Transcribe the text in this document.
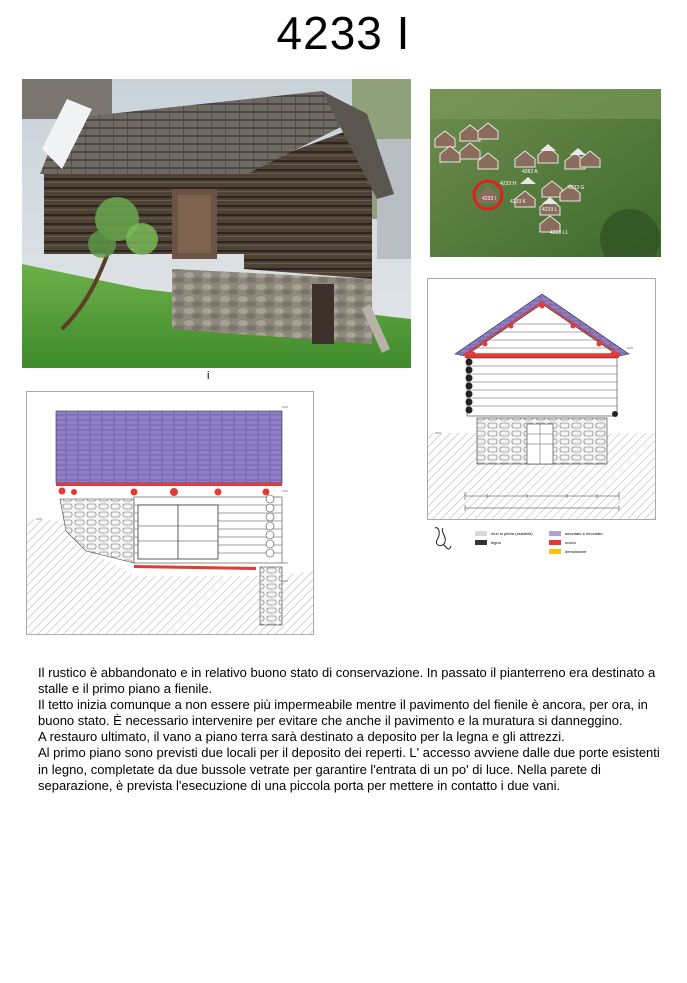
4233 I
4233 I	4233 K
4233 H
4233 G
4233 L
4233 L1
4282 A
i
muri in pietra (esistenti)
legno
smontato e rimontato
nuovo
demolizione

Il rustico è abbandonato e in relativo buono stato di conservazione. In passato il pianterreno era destinato a stalle e il primo piano a fienile.

Il tetto inizia comunque a non essere più impermeabile mentre il pavimento del fienile è ancora, per ora, in buono stato. È necessario intervenire per evitare che anche il pavimento e la muratura si danneggino.

A restauro ultimato, il vano a piano terra sarà destinato a deposito per la legna e gli attrezzi.

Al primo piano sono previsti due locali per il deposito dei reperti. L' accesso avviene dalle due porte esistenti in legno, completate da due bussole vetrate per garantire l'entrata di un po' di luce. Nella parete di separazione, è prevista l'esecuzione di una piccola porta per mettere in contatto i due vani.
